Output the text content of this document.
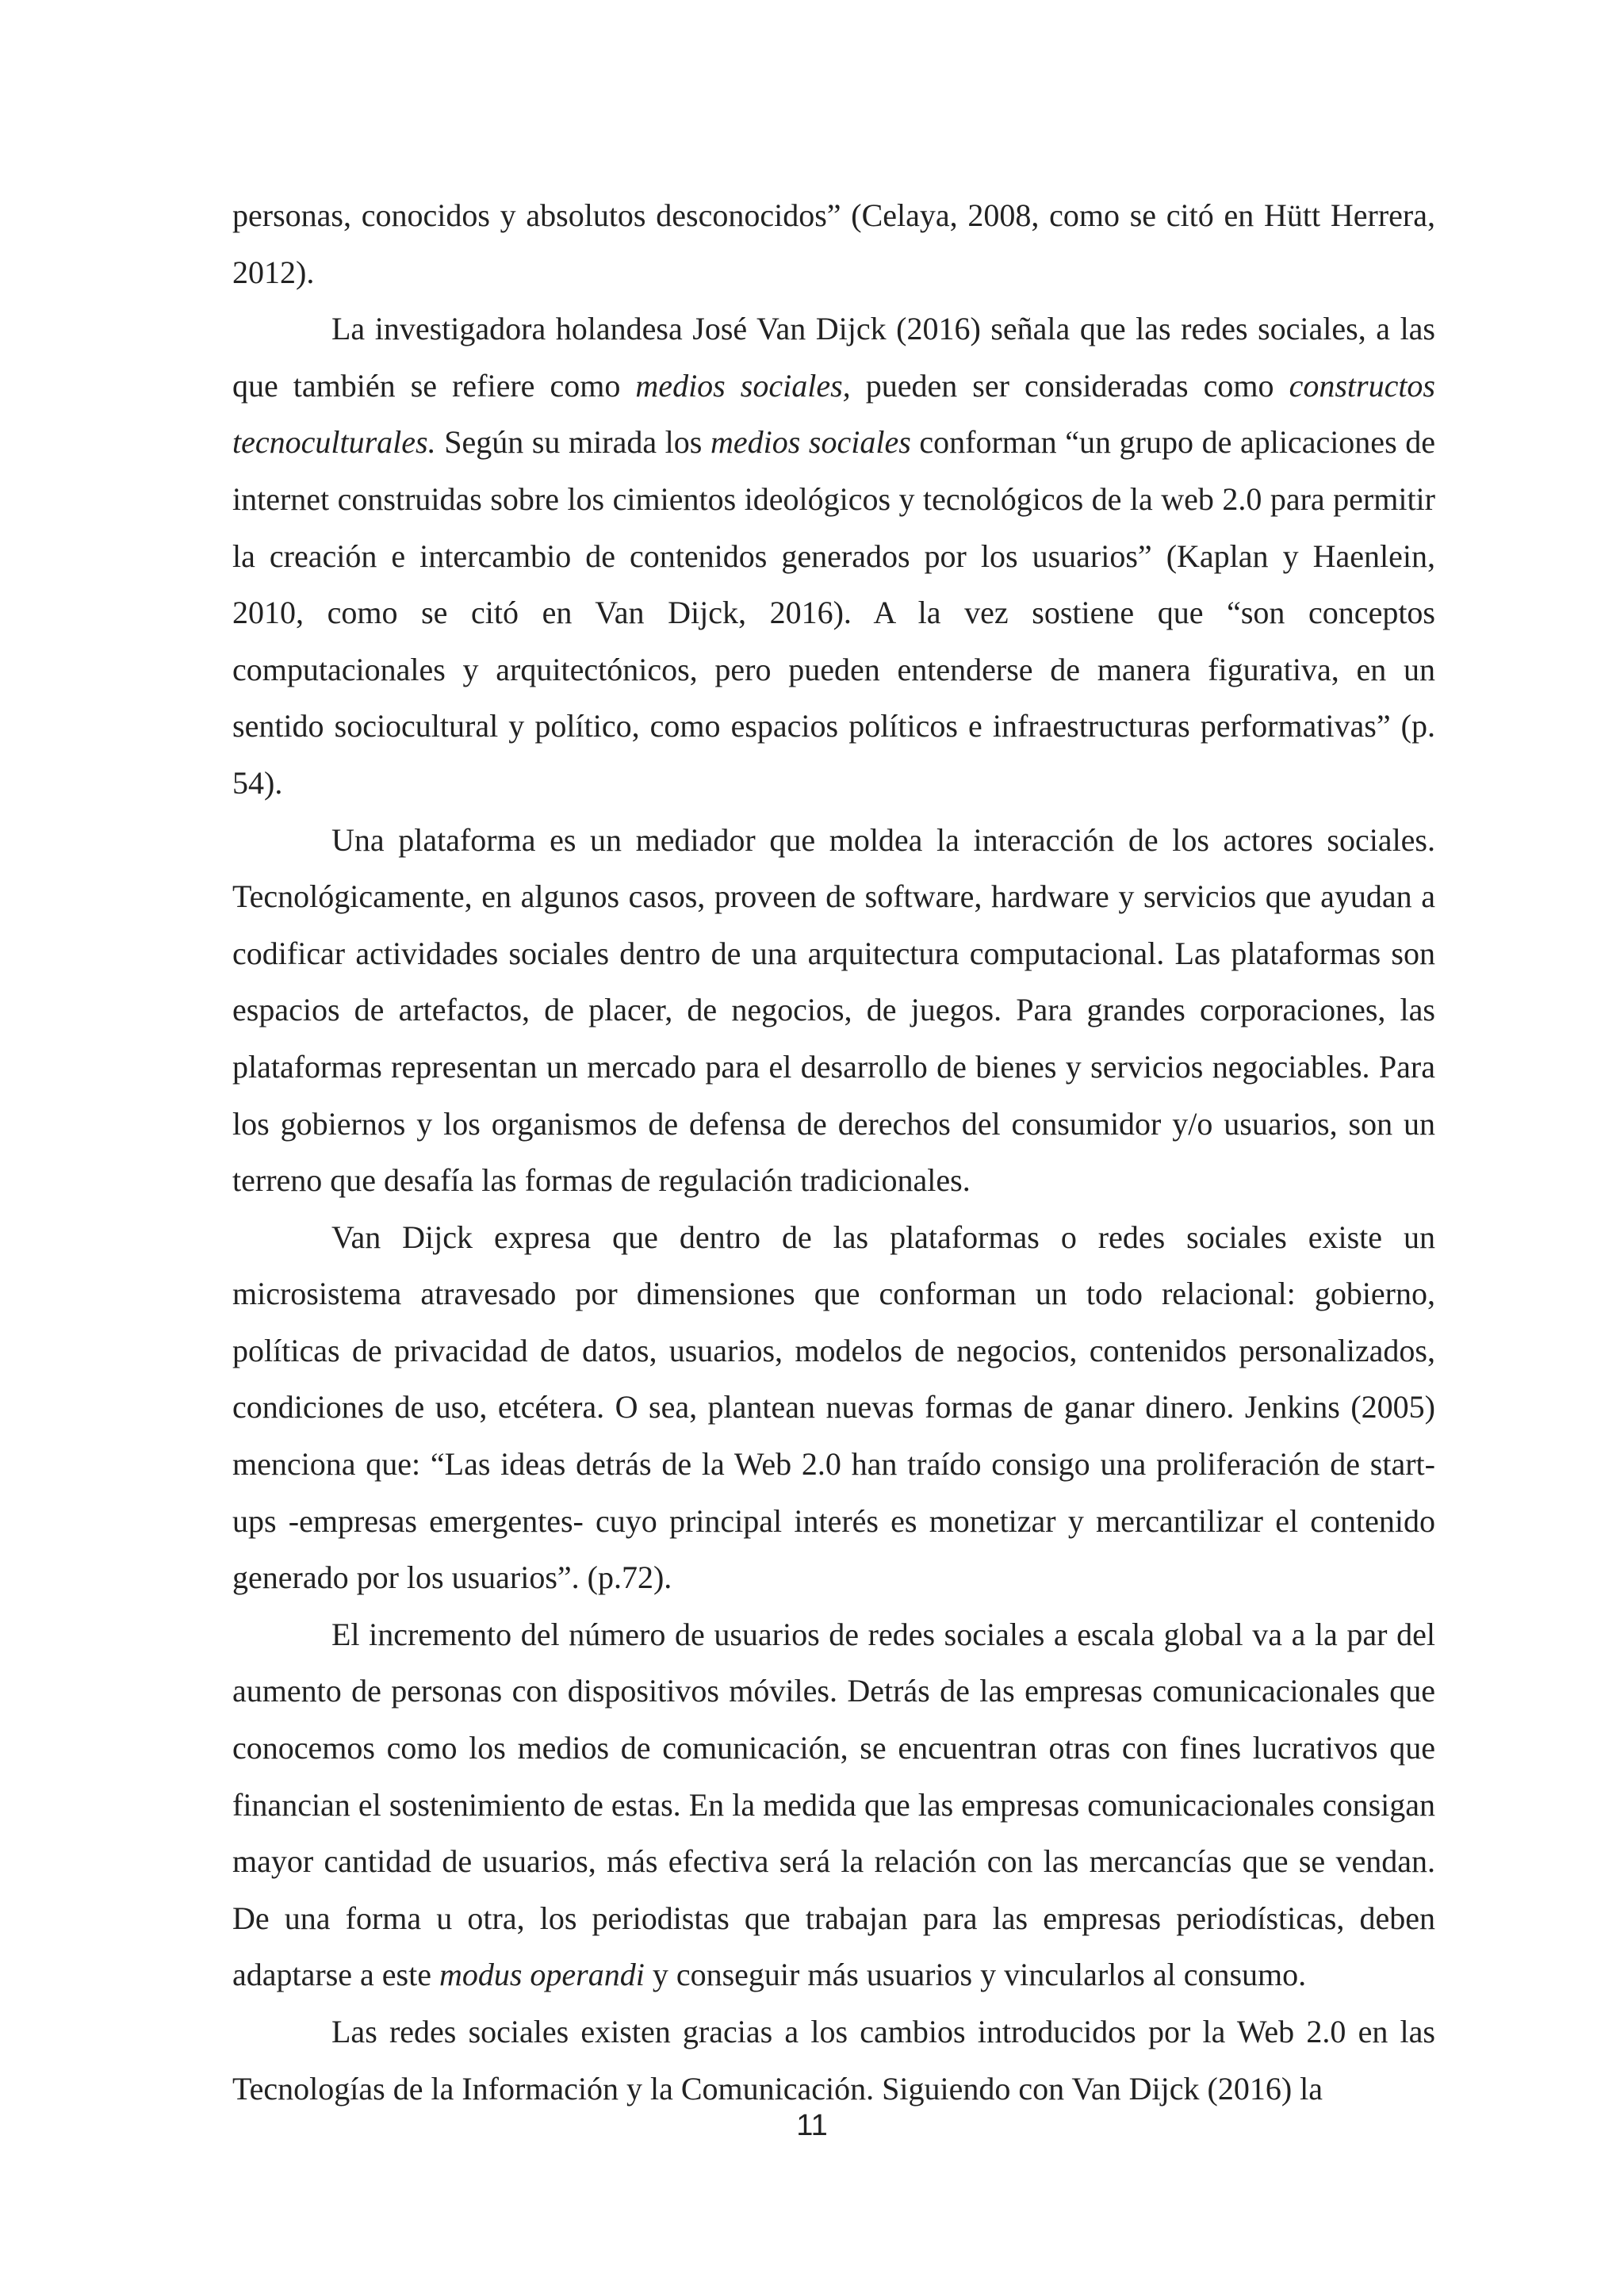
personas, conocidos y absolutos desconocidos” (Celaya, 2008, como se citó en Hütt Herrera, 2012).

La investigadora holandesa José Van Dijck (2016) señala que las redes sociales, a las que también se refiere como medios sociales, pueden ser consideradas como constructos tecnoculturales. Según su mirada los medios sociales conforman “un grupo de aplicaciones de internet construidas sobre los cimientos ideológicos y tecnológicos de la web 2.0 para permitir la creación e intercambio de contenidos generados por los usuarios” (Kaplan y Haenlein, 2010, como se citó en Van Dijck, 2016). A la vez sostiene que “son conceptos computacionales y arquitectónicos, pero pueden entenderse de manera figurativa, en un sentido sociocultural y político, como espacios políticos e infraestructuras performativas” (p. 54).

Una plataforma es un mediador que moldea la interacción de los actores sociales. Tecnológicamente, en algunos casos, proveen de software, hardware y servicios que ayudan a codificar actividades sociales dentro de una arquitectura computacional. Las plataformas son espacios de artefactos, de placer, de negocios, de juegos. Para grandes corporaciones, las plataformas representan un mercado para el desarrollo de bienes y servicios negociables. Para los gobiernos y los organismos de defensa de derechos del consumidor y/o usuarios, son un terreno que desafía las formas de regulación tradicionales.

Van Dijck expresa que dentro de las plataformas o redes sociales existe un microsistema atravesado por dimensiones que conforman un todo relacional: gobierno, políticas de privacidad de datos, usuarios, modelos de negocios, contenidos personalizados, condiciones de uso, etcétera. O sea, plantean nuevas formas de ganar dinero. Jenkins (2005) menciona que: “Las ideas detrás de la Web 2.0 han traído consigo una proliferación de start-ups -empresas emergentes- cuyo principal interés es monetizar y mercantilizar el contenido generado por los usuarios”. (p.72).

El incremento del número de usuarios de redes sociales a escala global va a la par del aumento de personas con dispositivos móviles. Detrás de las empresas comunicacionales que conocemos como los medios de comunicación, se encuentran otras con fines lucrativos que financian el sostenimiento de estas. En la medida que las empresas comunicacionales consigan mayor cantidad de usuarios, más efectiva será la relación con las mercancías que se vendan. De una forma u otra, los periodistas que trabajan para las empresas periodísticas, deben adaptarse a este modus operandi y conseguir más usuarios y vincularlos al consumo.

Las redes sociales existen gracias a los cambios introducidos por la Web 2.0 en las Tecnologías de la Información y la Comunicación. Siguiendo con Van Dijck (2016) la

11
